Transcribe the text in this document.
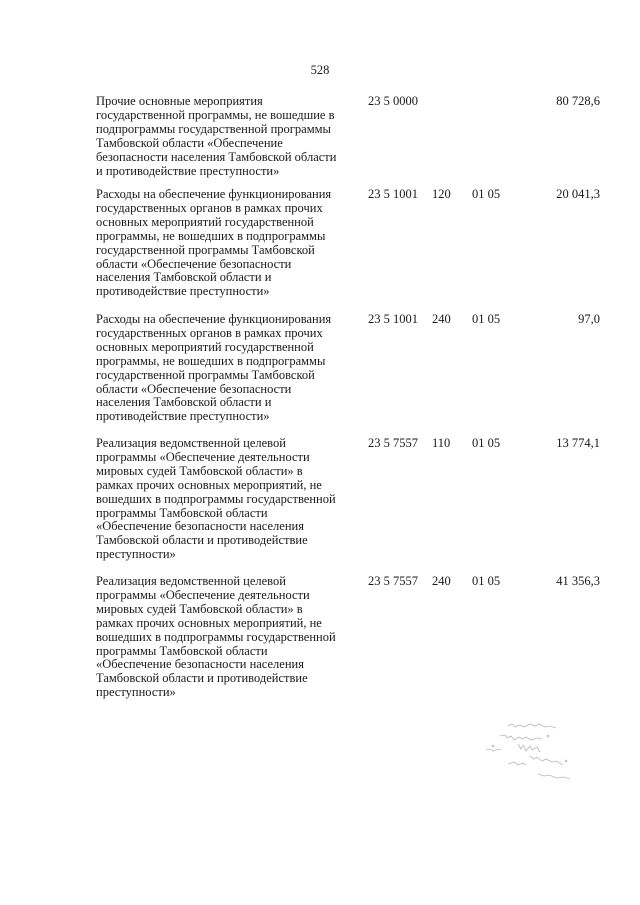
528
Прочие основные мероприятия
государственной программы, не вошедшие в
подпрограммы государственной программы
Тамбовской области «Обеспечение
безопасности населения Тамбовской области
и противодействие преступности»
23 5 0000	80 728,6
Расходы на обеспечение функционирования
государственных органов в рамках прочих
основных мероприятий государственной
программы, не вошедших в подпрограммы
государственной программы Тамбовской
области «Обеспечение безопасности
населения Тамбовской области и
противодействие преступности»
23 5 1001 120 01 05	20 041,3
Расходы на обеспечение функционирования
государственных органов в рамках прочих
основных мероприятий государственной
программы, не вошедших в подпрограммы
государственной программы Тамбовской
области «Обеспечение безопасности
населения Тамбовской области и
противодействие преступности»
23 5 1001 240 01 05	97,0
Реализация ведомственной целевой
программы «Обеспечение деятельности
мировых судей Тамбовской области» в
рамках прочих основных мероприятий, не
вошедших в подпрограммы государственной
программы Тамбовской области
«Обеспечение безопасности населения
Тамбовской области и противодействие
преступности»
23 5 7557 110 01 05	13 774,1
Реализация ведомственной целевой
программы «Обеспечение деятельности
мировых судей Тамбовской области» в
рамках прочих основных мероприятий, не
вошедших в подпрограммы государственной
программы Тамбовской области
«Обеспечение безопасности населения
Тамбовской области и противодействие
преступности»
23 5 7557 240 01 05	41 356,3
